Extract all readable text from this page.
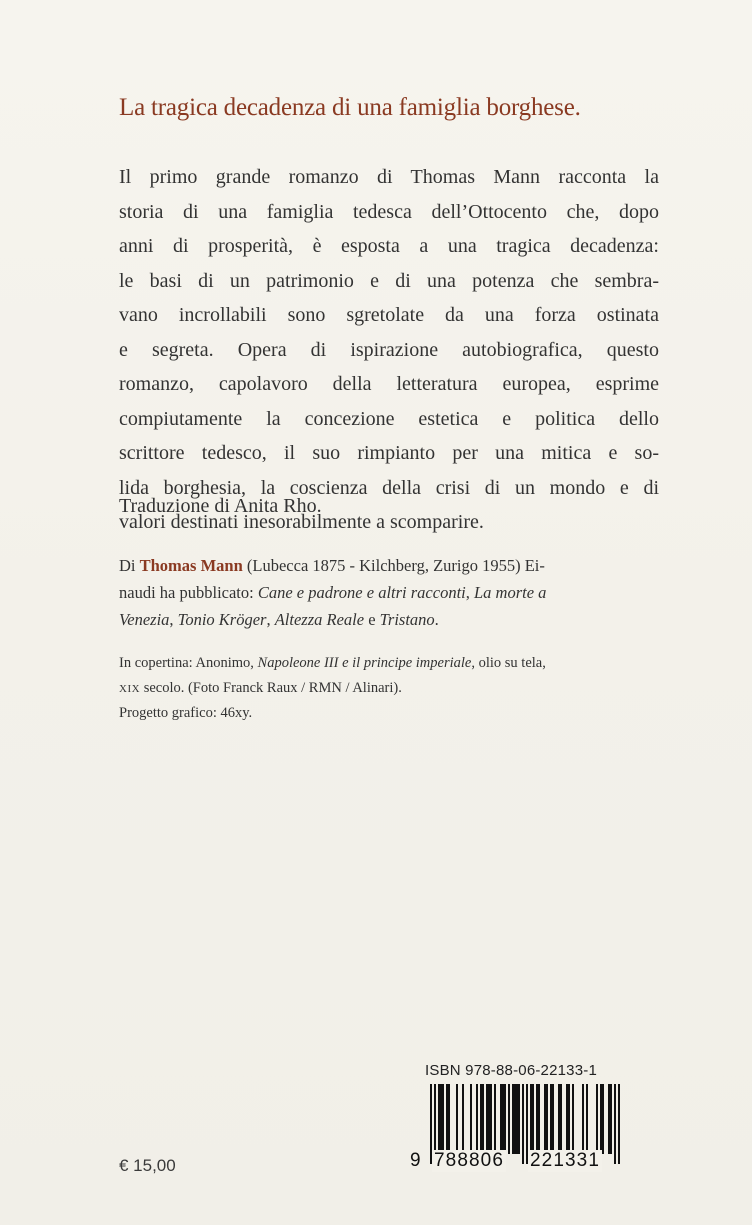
La tragica decadenza di una famiglia borghese.
Il primo grande romanzo di Thomas Mann racconta la
storia di una famiglia tedesca dell’Ottocento che, dopo
anni di prosperità, è esposta a una tragica decadenza:
le basi di un patrimonio e di una potenza che sembra-
vano incrollabili sono sgretolate da una forza ostinata
e segreta. Opera di ispirazione autobiografica, questo
romanzo, capolavoro della letteratura europea, esprime
compiutamente la concezione estetica e politica dello
scrittore tedesco, il suo rimpianto per una mitica e so-
lida borghesia, la coscienza della crisi di un mondo e di
valori destinati inesorabilmente a scomparire.
Traduzione di Anita Rho.
Di Thomas Mann (Lubecca 1875 - Kilchberg, Zurigo 1955) Ei-
naudi ha pubblicato: Cane e padrone e altri racconti, La morte a
Venezia, Tonio Kröger, Altezza Reale e Tristano.
In copertina: Anonimo, Napoleone III e il principe imperiale, olio su tela,
XIX secolo. (Foto Franck Raux / RMN / Alinari).
Progetto grafico: 46xy.
€ 15,00
ISBN 978-88-06-22133-1
9 788806 221331
